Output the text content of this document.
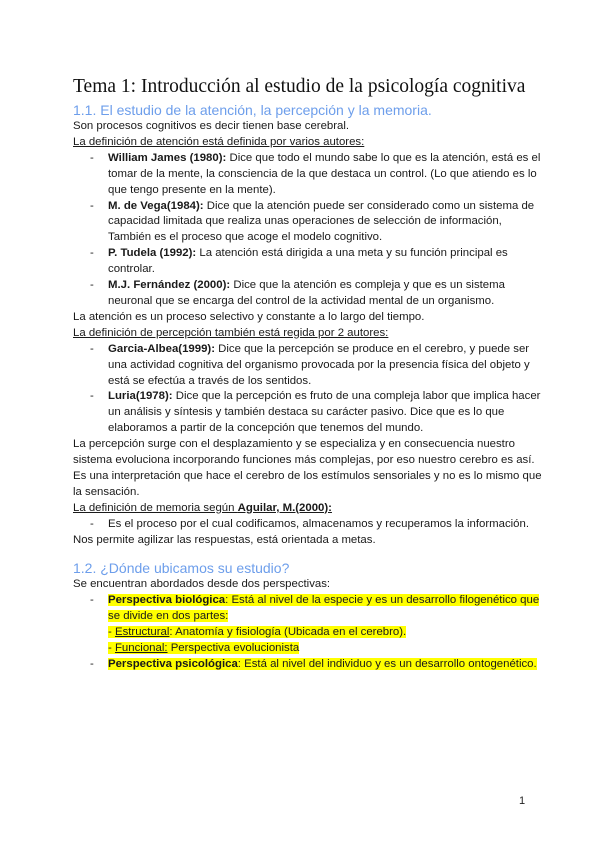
Tema 1: Introducción al estudio de la psicología cognitiva
1.1. El estudio de la atención, la percepción y la memoria.

Son procesos cognitivos es decir tienen base cerebral.

La definición de atención está definida por varios autores:

- William James (1980): Dice que todo el mundo sabe lo que es la atención, está es el tomar de la mente, la consciencia de la que destaca un control. (Lo que atiendo es lo que tengo presente en la mente).
- M. de Vega(1984): Dice que la atención puede ser considerado como un sistema de capacidad limitada que realiza unas operaciones de selección de información, También es el proceso que acoge el modelo cognitivo.
- P. Tudela (1992): La atención está dirigida a una meta y su función principal es controlar.
- M.J. Fernández (2000): Dice que la atención es compleja y que es un sistema neuronal que se encarga del control de la actividad mental de un organismo.

La atención es un proceso selectivo y constante a lo largo del tiempo.

La definición de percepción también está regida por 2 autores:

- Garcia-Albea(1999): Dice que la percepción se produce en el cerebro, y puede ser una actividad cognitiva del organismo provocada por la presencia física del objeto y está se efectúa a través de los sentidos.
- Luria(1978): Dice que la percepción es fruto de una compleja labor que implica hacer un análisis y síntesis y también destaca su carácter pasivo. Dice que es lo que elaboramos a partir de la concepción que tenemos del mundo.

La percepción surge con el desplazamiento y se especializa y en consecuencia nuestro sistema evoluciona incorporando funciones más complejas, por eso nuestro cerebro es así. Es una interpretación que hace el cerebro de los estímulos sensoriales y no es lo mismo que la sensación.

La definición de memoria según Aguilar, M.(2000):

- Es el proceso por el cual codificamos, almacenamos y recuperamos la información.

Nos permite agilizar las respuestas, está orientada a metas.

1.2. ¿Dónde ubicamos su estudio?

Se encuentran abordados desde dos perspectivas:

- Perspectiva biológica: Está al nivel de la especie y es un desarrollo filogenético que se divide en dos partes:
- Estructural: Anatomía y fisiología (Ubicada en el cerebro).
- Funcional: Perspectiva evolucionista
- Perspectiva psicológica: Está al nivel del individuo y es un desarrollo ontogenético.
1
